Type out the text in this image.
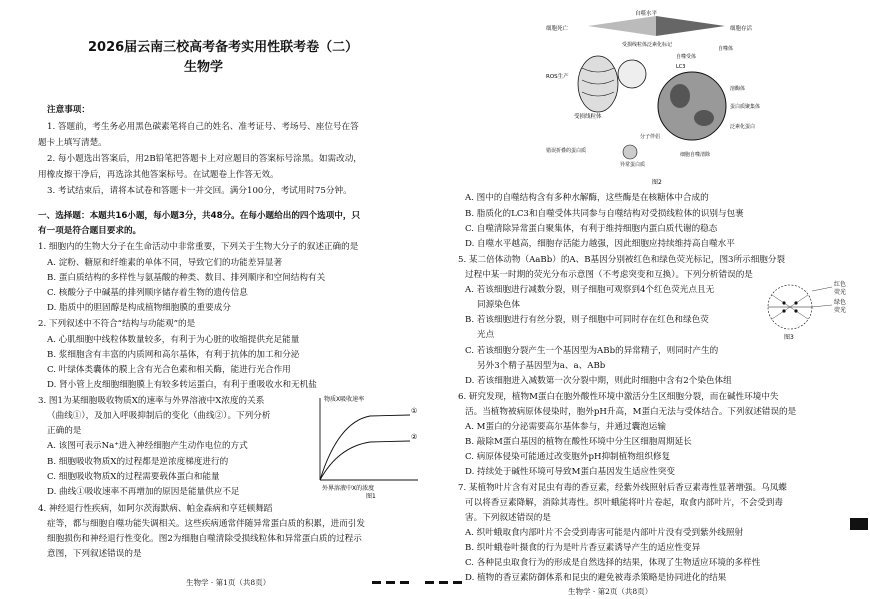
2026届云南三校高考备考实用性联考卷（二）
生物学
注意事项：
1. 答题前，考生务必用黑色碳素笔将自己的姓名、准考证号、考场号、座位号在答
题卡上填写清楚。
2. 每小题选出答案后，用2B铅笔把答题卡上对应题目的答案标号涂黑。如需改动，
用橡皮擦干净后，再选涂其他答案标号。在试题卷上作答无效。
3. 考试结束后，请将本试卷和答题卡一并交回。满分100分，考试用时75分钟。
一、选择题：本题共16小题，每小题3分，共48分。在每小题给出的四个选项中，只
有一项是符合题目要求的。
1. 细胞内的生物大分子在生命活动中非常重要，下列关于生物大分子的叙述正确的是
A. 淀粉、糖原和纤维素的单体不同，导致它们的功能差异显著
B. 蛋白质结构的多样性与氨基酸的种类、数目、排列顺序和空间结构有关
C. 核酸分子中碱基的排列顺序储存着生物的遗传信息
D. 脂质中的胆固醇是构成植物细胞膜的重要成分
2. 下列叙述中不符合“结构与功能观”的是
A. 心肌细胞中线粒体数量较多，有利于为心脏的收缩提供充足能量
B. 浆细胞含有丰富的内质网和高尔基体，有利于抗体的加工和分泌
C. 叶绿体类囊体的膜上含有光合色素和相关酶，能进行光合作用
D. 肾小管上皮细胞细胞膜上有较多转运蛋白，有利于重吸收水和无机盐
3. 图1为某细胞吸收物质X的速率与外界溶液中X浓度的关系
（曲线①），及加入呼吸抑制后的变化（曲线②）。下列分析
正确的是
A. 该图可表示Na⁺进入神经细胞产生动作电位的方式
B. 细胞吸收物质X的过程都是逆浓度梯度进行的
C. 细胞吸收物质X的过程需要载体蛋白和能量
D. 曲线①吸收速率不再增加的原因是能量供应不足
物质X吸收速率
①
②
外界溶液中X的浓度
图1
4. 神经退行性疾病，如阿尔茨海默病、帕金森病和亨廷顿舞蹈
症等，都与细胞自噬功能失调相关。这些疾病通常伴随异常蛋白质的积累，进而引发
细胞损伤和神经退行性变化。图2为细胞自噬清除受损线粒体和异常蛋白质的过程示
意图，下列叙述错误的是
生物学 · 第1页（共8页）
细胞死亡
自噬水平
细胞存活
ROS生产
受损线粒体
受损线粒体泛素化标记
自噬受体
LC3
自噬体
溶酶体
蛋白质聚集体
泛素化蛋白
分子伴侣
错误折叠的蛋白质
异常蛋白质
细胞自噬清除
图2
A. 图中的自噬结构含有多种水解酶，这些酶是在核糖体中合成的
B. 脂质化的LC3和自噬受体共同参与自噬结构对受损线粒体的识别与包裹
C. 自噬清除异常蛋白聚集体，有利于维持细胞内蛋白质代谢的稳态
D. 自噬水平越高，细胞存活能力越强，因此细胞应持续维持高自噬水平
5. 某二倍体动物（AaBb）的A、B基因分别被红色和绿色荧光标记，图3所示细胞分裂
过程中某一时期的荧光分布示意图（不考虑突变和互换）。下列分析错误的是
A. 若该细胞进行减数分裂，则子细胞可观察到4个红色荧光点且无
同源染色体
B. 若该细胞进行有丝分裂，则子细胞中可同时存在红色和绿色荧
光点
C. 若该细胞分裂产生一个基因型为ABb的异常精子，则同时产生的
另外3个精子基因型为a、a、ABb
D. 若该细胞进入减数第一次分裂中期，则此时细胞中含有2个染色体组
红色
荧光
绿色
荧光
图3
6. 研究发现，植物M蛋白在胞外酸性环境中激活分生区细胞分裂，而在碱性环境中失
活。当植物被病原体侵染时，胞外pH升高，M蛋白无法与受体结合。下列叙述错误的是
A. M蛋白的分泌需要高尔基体参与，并通过囊泡运输
B. 敲除M蛋白基因的植物在酸性环境中分生区细胞周期延长
C. 病原体侵染可能通过改变胞外pH抑制植物组织修复
D. 持续处于碱性环境可导致M蛋白基因发生适应性突变
7. 某植物叶片含有对昆虫有毒的香豆素，经紫外线照射后香豆素毒性显著增强。乌凤蝶
可以将香豆素降解，消除其毒性。织叶蛾能将叶片卷起，取食内部叶片，不会受到毒
害。下列叙述错误的是
A. 织叶蛾取食内部叶片不会受到毒害可能是内部叶片没有受到紫外线照射
B. 织叶蛾卷叶摄食的行为是叶片香豆素诱导产生的适应性变异
C. 各种昆虫取食行为的形成是自然选择的结果，体现了生物适应环境的多样性
D. 植物的香豆素防御体系和昆虫的避免被毒杀策略是协同进化的结果
生物学 · 第2页（共8页）
